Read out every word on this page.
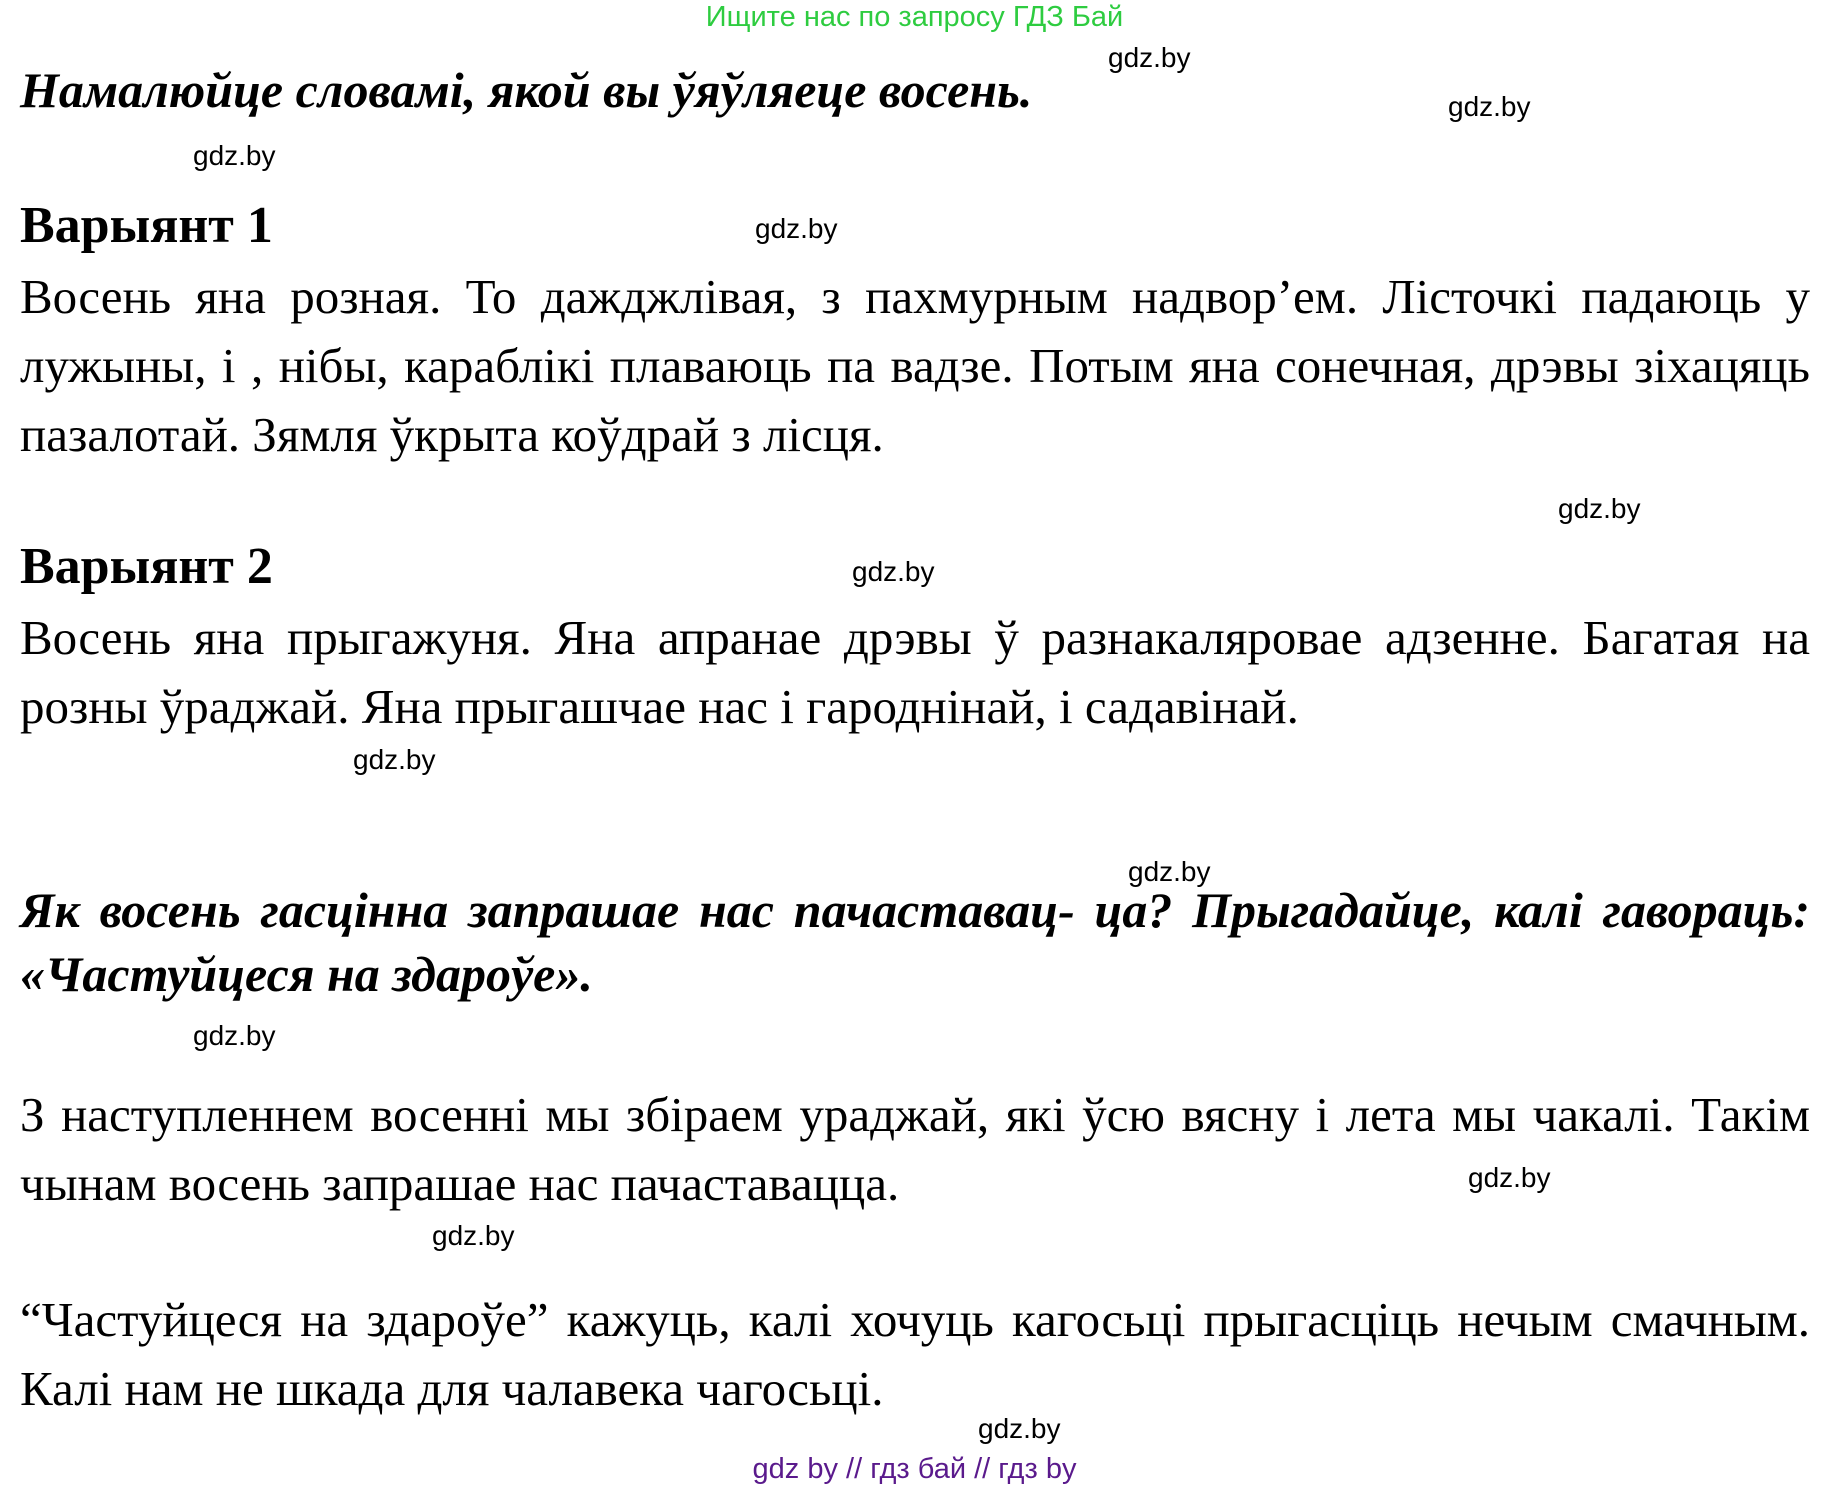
Ищите нас по запросу ГДЗ Бай

Намалюйце словамі, якой вы ўяўляеце восень.

Варыянт 1

Восень яна розная. То дажджлівая, з пахмурным надвор’ем. Лісточкі падаюць у лужыны, і , нібы, караблікі плаваюць па вадзе. Потым яна сонечная, дрэвы зіхацяць пазалотай. Зямля ўкрыта коўдрай з лісця.

Варыянт 2

Восень яна прыгажуня. Яна апранае дрэвы ў разнакаляровае адзенне. Багатая на розны ўраджай. Яна прыгашчае нас і гароднінай, і садавінай.

Як восень гасцінна запрашае нас пачаставац- ца? Прыгадайце, калі гавораць: «Частуйцеся на здароўе».

З наступленнем восенні мы збіраем ураджай, які ўсю вясну і лета мы чакалі. Такім чынам восень запрашае нас пачаставацца.

“Частуйцеся на здароўе” кажуць, калі хочуць кагосьці прыгасціць нечым смачным. Калі нам не шкада для чалавека чагосьці.

gdz.by
gdz.by
gdz.by
gdz.by
gdz.by
gdz.by
gdz.by
gdz.by
gdz.by
gdz.by
gdz.by
gdz.by
gdz by // гдз бай // гдз by
